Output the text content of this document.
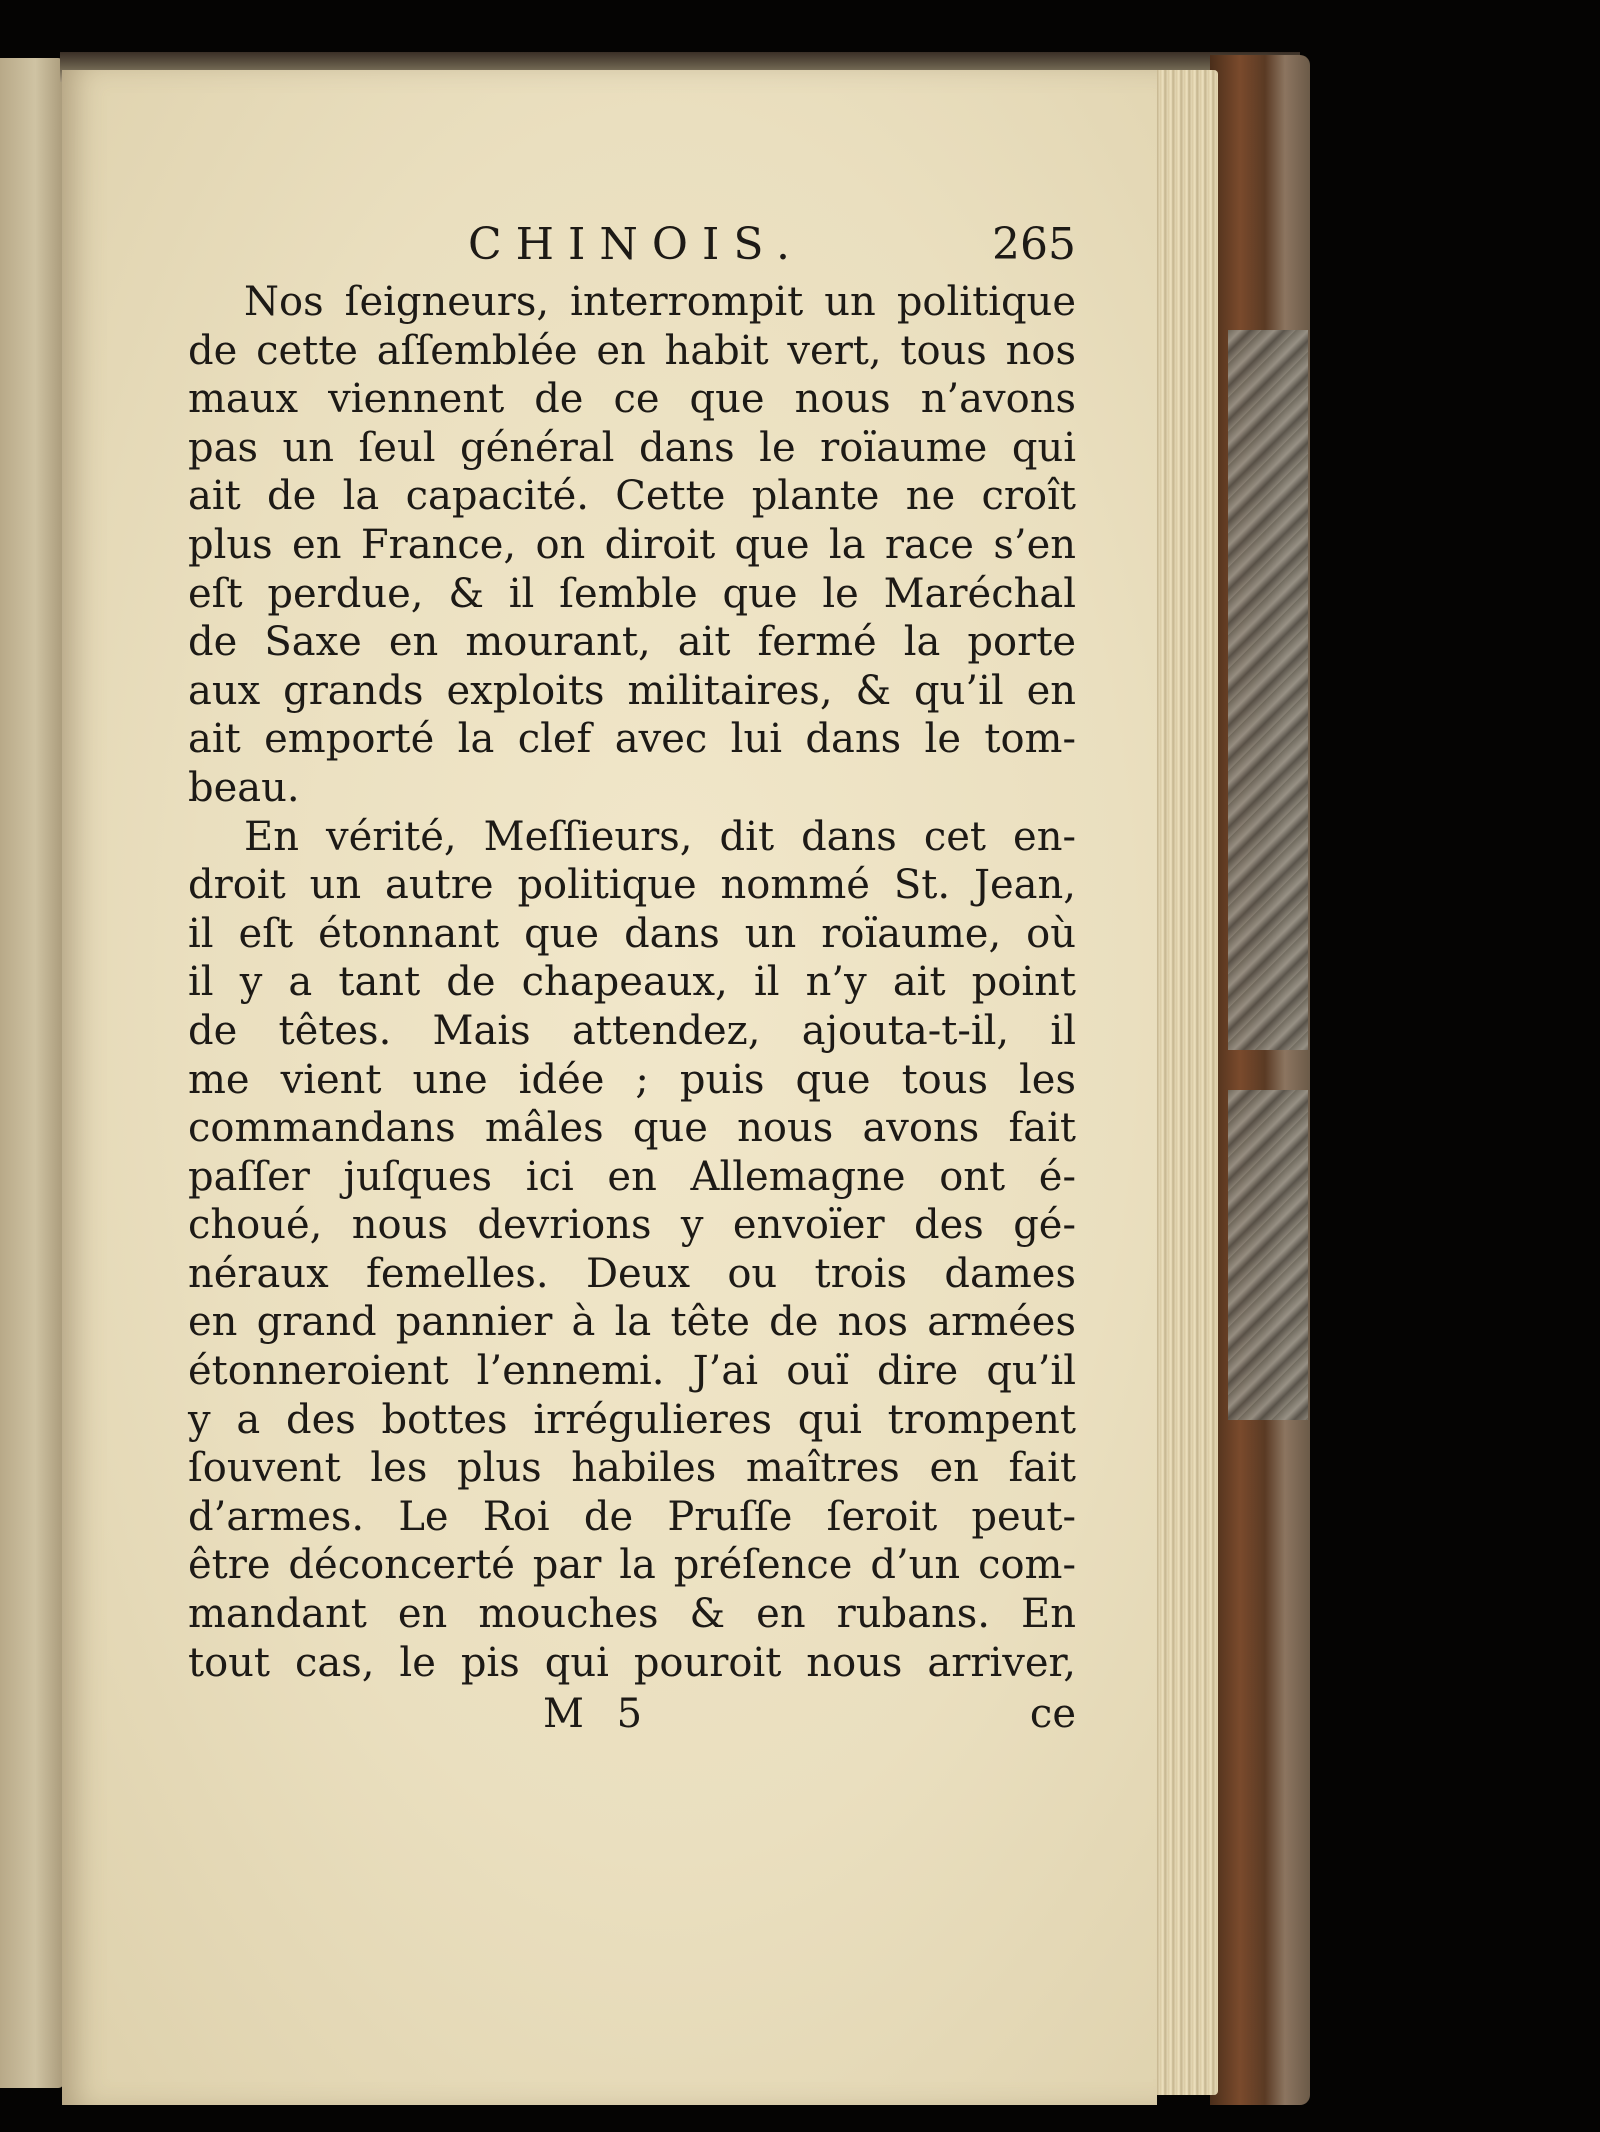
CHINOIS.	265
Nos ſeigneurs, interrompit un politique
de cette aſſemblée en habit vert, tous nos
maux viennent de ce que nous n’avons
pas un ſeul général dans le roïaume qui
ait de la capacité. Cette plante ne croît
plus en France, on diroit que la race s’en
eſt perdue, & il ſemble que le Maréchal
de Saxe en mourant, ait fermé la porte
aux grands exploits militaires, & qu’il en
ait emporté la clef avec lui dans le tom-
beau.
En vérité, Meſſieurs, dit dans cet en-
droit un autre politique nommé St. Jean,
il eſt étonnant que dans un roïaume, où
il y a tant de chapeaux, il n’y ait point
de têtes. Mais attendez, ajouta-t-il, il
me vient une idée ; puis que tous les
commandans mâles que nous avons fait
paſſer juſques ici en Allemagne ont é-
choué, nous devrions y envoïer des gé-
néraux femelles. Deux ou trois dames
en grand pannier à la tête de nos armées
étonneroient l’ennemi. J’ai ouï dire qu’il
y a des bottes irrégulieres qui trompent
ſouvent les plus habiles maîtres en fait
d’armes. Le Roi de Pruſſe ſeroit peut-
être déconcerté par la préſence d’un com-
mandant en mouches & en rubans. En
tout cas, le pis qui pouroit nous arriver,
M 5	ce
